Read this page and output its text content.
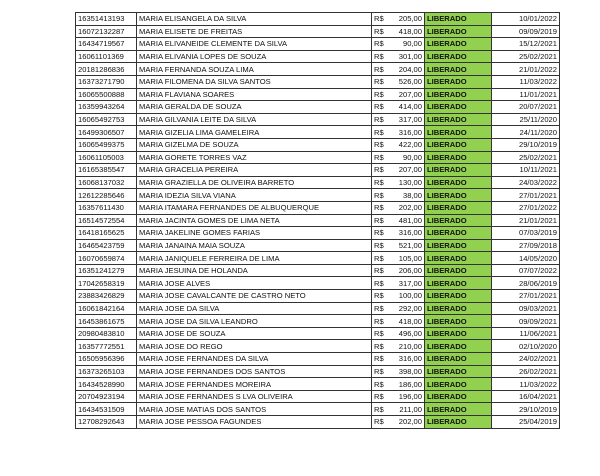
16351413193	MARIA ELISANGELA DA SILVA	R$	205,00	LIBERADO	10/01/2022
16072132287	MARIA ELISETE DE FREITAS	R$	418,00	LIBERADO	09/09/2019
16434719567	MARIA ELIVANEIDE CLEMENTE DA SILVA	R$	90,00	LIBERADO	15/12/2021
16061101369	MARIA ELIVANIA LOPES DE SOUZA	R$	301,00	LIBERADO	25/02/2021
20181286836	MARIA FERNANDA SOUZA LIMA	R$	204,00	LIBERADO	21/01/2022
16373271790	MARIA FILOMENA DA SILVA SANTOS	R$	526,00	LIBERADO	11/03/2022
16065500888	MARIA FLAVIANA SOARES	R$	207,00	LIBERADO	11/01/2021
16359943264	MARIA GERALDA DE SOUZA	R$	414,00	LIBERADO	20/07/2021
16065492753	MARIA GILVANIA LEITE DA SILVA	R$	317,00	LIBERADO	25/11/2020
16499306507	MARIA GIZELIA LIMA GAMELEIRA	R$	316,00	LIBERADO	24/11/2020
16065499375	MARIA GIZELMA DE SOUZA	R$	422,00	LIBERADO	29/10/2019
16061105003	MARIA GORETE TORRES VAZ	R$	90,00	LIBERADO	25/02/2021
16165385547	MARIA GRACELIA PEREIRA	R$	207,00	LIBERADO	10/11/2021
16068137032	MARIA GRAZIELLA DE OLIVEIRA BARRETO	R$	130,00	LIBERADO	24/03/2022
12612285646	MARIA IDEZIA SILVA VIANA	R$	38,00	LIBERADO	27/01/2021
16357611430	MARIA ITAMARA FERNANDES DE ALBUQUERQUE	R$	202,00	LIBERADO	27/01/2022
16514572554	MARIA JACINTA GOMES DE LIMA NETA	R$	481,00	LIBERADO	21/01/2021
16418165625	MARIA JAKELINE GOMES FARIAS	R$	316,00	LIBERADO	07/03/2019
16465423759	MARIA JANAINA MAIA SOUZA	R$	521,00	LIBERADO	27/09/2018
16070659874	MARIA JANIQUELE FERREIRA DE LIMA	R$	105,00	LIBERADO	14/05/2020
16351241279	MARIA JESUINA DE HOLANDA	R$	206,00	LIBERADO	07/07/2022
17042658319	MARIA JOSE ALVES	R$	317,00	LIBERADO	28/06/2019
23883426829	MARIA JOSE CAVALCANTE DE CASTRO NETO	R$	100,00	LIBERADO	27/01/2021
16061842164	MARIA JOSE DA SILVA	R$	292,00	LIBERADO	09/03/2021
16453861675	MARIA JOSE DA SILVA LEANDRO	R$	418,00	LIBERADO	09/09/2021
20980483810	MARIA JOSE DE SOUZA	R$	496,00	LIBERADO	11/06/2021
16357772551	MARIA JOSE DO REGO	R$	210,00	LIBERADO	02/10/2020
16505956396	MARIA JOSE FERNANDES DA SILVA	R$	316,00	LIBERADO	24/02/2021
16373265103	MARIA JOSE FERNANDES DOS SANTOS	R$	398,00	LIBERADO	26/02/2021
16434528990	MARIA JOSE FERNANDES MOREIRA	R$	186,00	LIBERADO	11/03/2022
20704923194	MARIA JOSE FERNANDES S LVA OLIVEIRA	R$	196,00	LIBERADO	16/04/2021
16434531509	MARIA JOSE MATIAS DOS SANTOS	R$	211,00	LIBERADO	29/10/2019
12708292643	MARIA JOSE PESSOA FAGUNDES	R$	202,00	LIBERADO	25/04/2019
